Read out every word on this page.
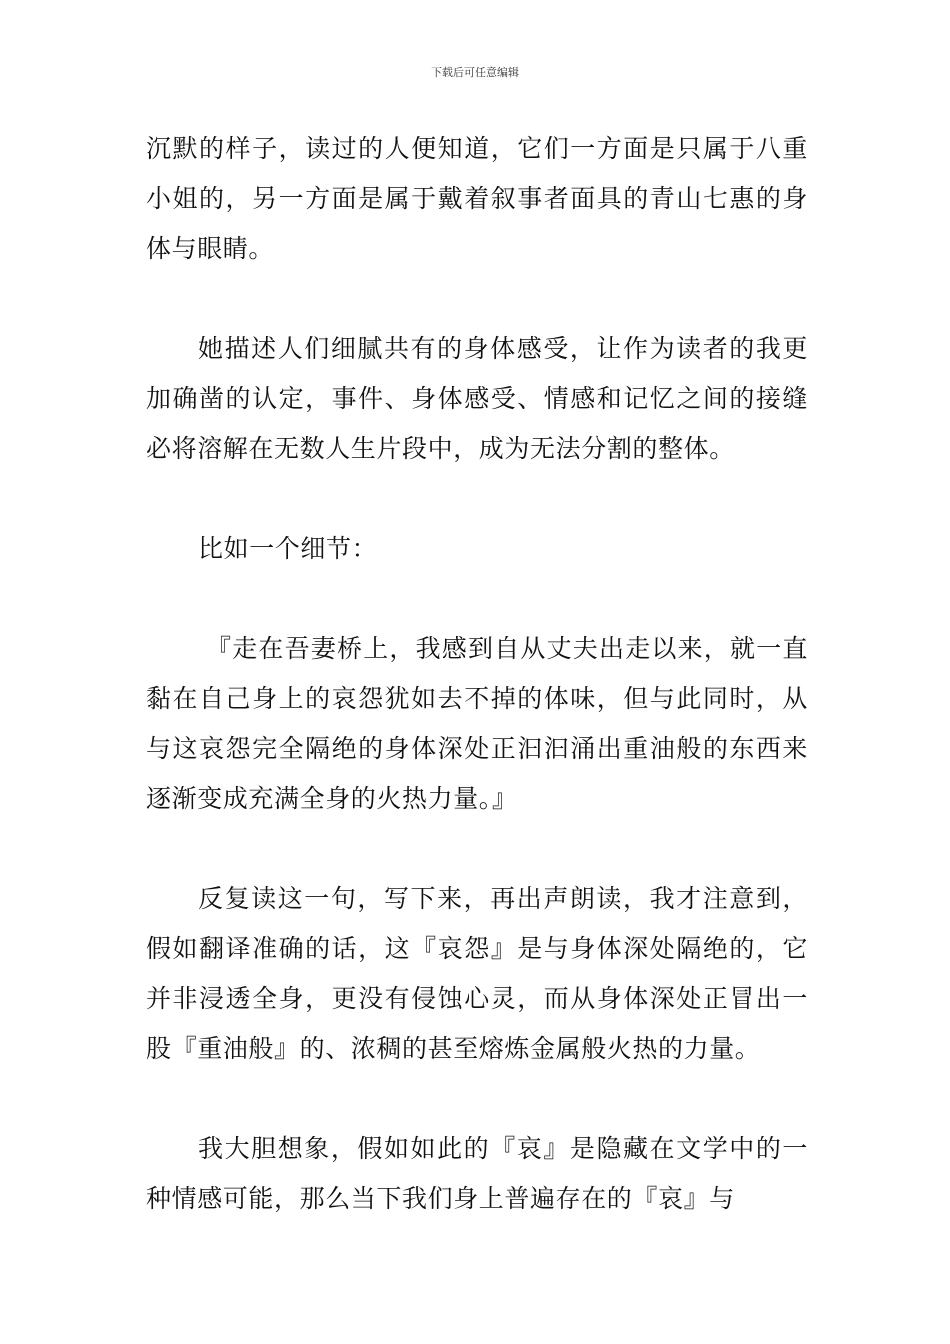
下载后可任意编辑

沉默的样子，读过的人便知道，它们一方面是只属于八重小姐的，另一方面是属于戴着叙事者面具的青山七惠的身体与眼睛。

她描述人们细腻共有的身体感受，让作为读者的我更加确凿的认定，事件、身体感受、情感和记忆之间的接缝必将溶解在无数人生片段中，成为无法分割的整体。

比如一个细节：

『走在吾妻桥上，我感到自从丈夫出走以来，就一直黏在自己身上的哀怨犹如去不掉的体味，但与此同时，从与这哀怨完全隔绝的身体深处正汩汩涌出重油般的东西来逐渐变成充满全身的火热力量。』

反复读这一句，写下来，再出声朗读，我才注意到，假如翻译准确的话，这『哀怨』是与身体深处隔绝的，它并非浸透全身，更没有侵蚀心灵，而从身体深处正冒出一股『重油般』的、浓稠的甚至熔炼金属般火热的力量。

我大胆想象，假如如此的『哀』是隐藏在文学中的一种情感可能，那么当下我们身上普遍存在的『哀』与
